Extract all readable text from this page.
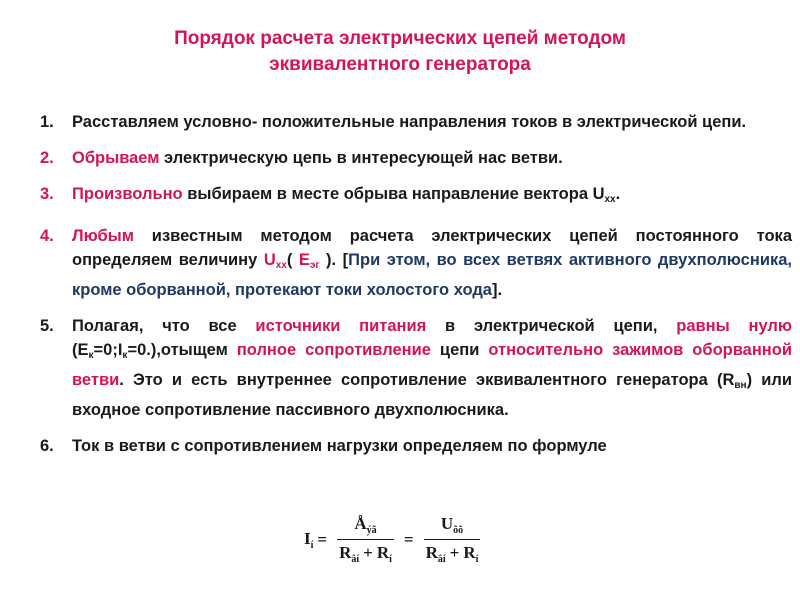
Порядок расчета электрических цепей методом
эквивалентного генератора
1. Расставляем условно- положительные направления токов в электрической цепи.
2. Обрываем электрическую цепь в интересующей нас ветви.
3. Произвольно выбираем в месте обрыва направление вектора $U_{хх}$.
4. Любым известным методом расчета электрических цепей постоянного тока определяем величину $U_{хх}$( $E_{эг}$ ). [При этом, во всех ветвях активного двухполюсника, кроме оборванной, протекают токи холостого хода].
5. Полагая, что все источники питания в электрической цепи, равны нулю $(E_к=0;I_к=0.),отыщем$ полное сопротивление цепи относительно зажимов оборванной ветви. Это и есть внутреннее сопротивление эквивалентного генератора $(R_{вн})$ или входное сопротивление пассивного двухполюсника.
6. Ток в ветви с сопротивлением нагрузки определяем по формуле
$I_í = \frac{Å_{ýã}}{R_{âí} + R_í} = \frac{U_{õõ}}{R_{âí} + R_í}$
